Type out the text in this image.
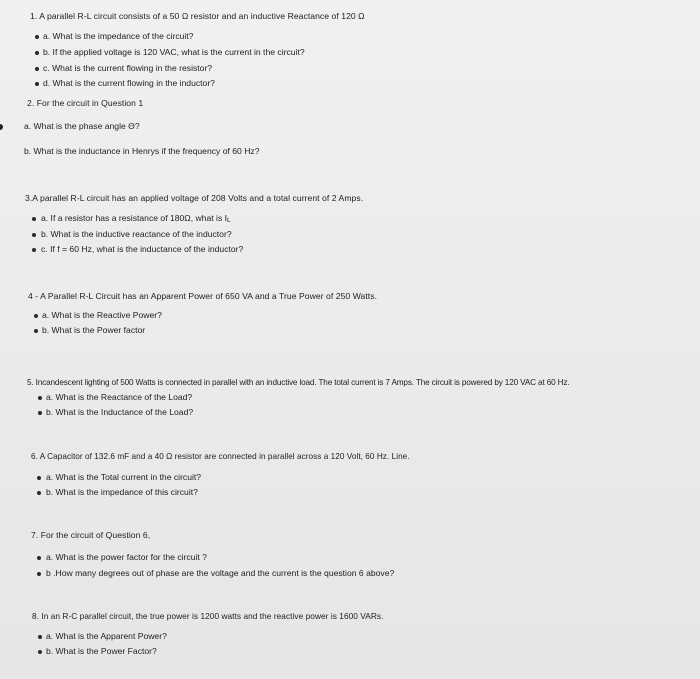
1. A parallel R-L circuit consists of a 50 Ω resistor and an inductive Reactance of 120 Ω
a. What is the impedance of the circuit?
b. If the applied voltage is 120 VAC, what is the current in the circuit?
c. What is the current flowing in the resistor?
d. What is the current flowing in the inductor?
2. For the circuit in Question 1
a. What is the phase angle Θ?
b. What is the inductance in Henrys if the frequency of 60 Hz?
3.A parallel R-L circuit has an applied voltage of 208 Volts and a total current of 2 Amps.
a. If a resistor has a resistance of 180Ω, what is IL
b. What is the inductive reactance of the inductor?
c. If f = 60 Hz, what is the inductance of the inductor?
4 - A Parallel R-L Circuit has an Apparent Power of 650 VA and a True Power of 250 Watts.
a. What is the Reactive Power?
b. What is the Power factor
5. Incandescent lighting of 500 Watts is connected in parallel with an inductive load. The total current is 7 Amps. The circuit is powered by 120 VAC at 60 Hz.
a. What is the Reactance of the Load?
b. What is the Inductance of the Load?
6. A Capacitor of 132.6 mF and a 40 Ω resistor are connected in parallel across a 120 Volt, 60 Hz. Line.
a. What is the Total current in the circuit?
b. What is the impedance of this circuit?
7. For the circuit of Question 6,
a. What is the power factor for the circuit ?
b .How many degrees out of phase are the voltage and the current is the question 6 above?
8. In an R-C parallel circuit, the true power is 1200 watts and the reactive power is 1600 VARs.
a. What is the Apparent Power?
b. What is the Power Factor?
